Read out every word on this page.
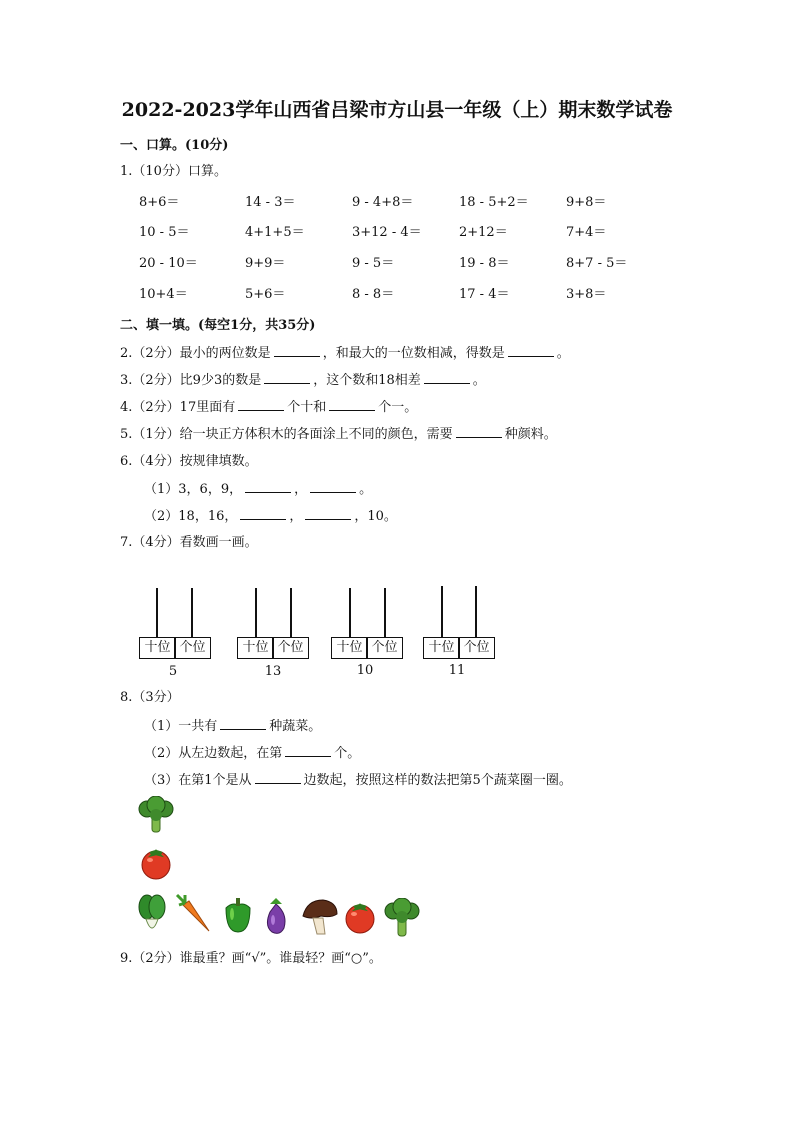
2022-2023学年山西省吕梁市方山县一年级（上）期末数学试卷
一、口算。(10分)
1.（10分）口算。
8+6＝	14 - 3＝	9 - 4+8＝	18 - 5+2＝	9+8＝
10 - 5＝	4+1+5＝	3+12 - 4＝	2+12＝	7+4＝
20 - 10＝	9+9＝	9 - 5＝	19 - 8＝	8+7 - 5＝
10+4＝	5+6＝	8 - 8＝	17 - 4＝	3+8＝
二、填一填。(每空1分，共35分)
2.（2分）最小的两位数是	，和最大的一位数相减，得数是	。
3.（2分）比9少3的数是	，这个数和18相差	。
4.（2分）17里面有	个十和	个一。
5.（1分）给一块正方体积木的各面涂上不同的颜色，需要	种颜料。
6.（4分）按规律填数。
（1）3，6，9，	，	。
（2）18，16，	，	，10。
7.（4分）看数画一画。
十位 个位
5
十位 个位
13
十位 个位
10
十位 个位
11
8.（3分）
（1）一共有	种蔬菜。
（2）从左边数起，在第	个。
（3）在第1个是从	边数起，按照这样的数法把第5个蔬菜圈一圈。
9.（2分）谁最重？画“√”。谁最轻？画“○”。
